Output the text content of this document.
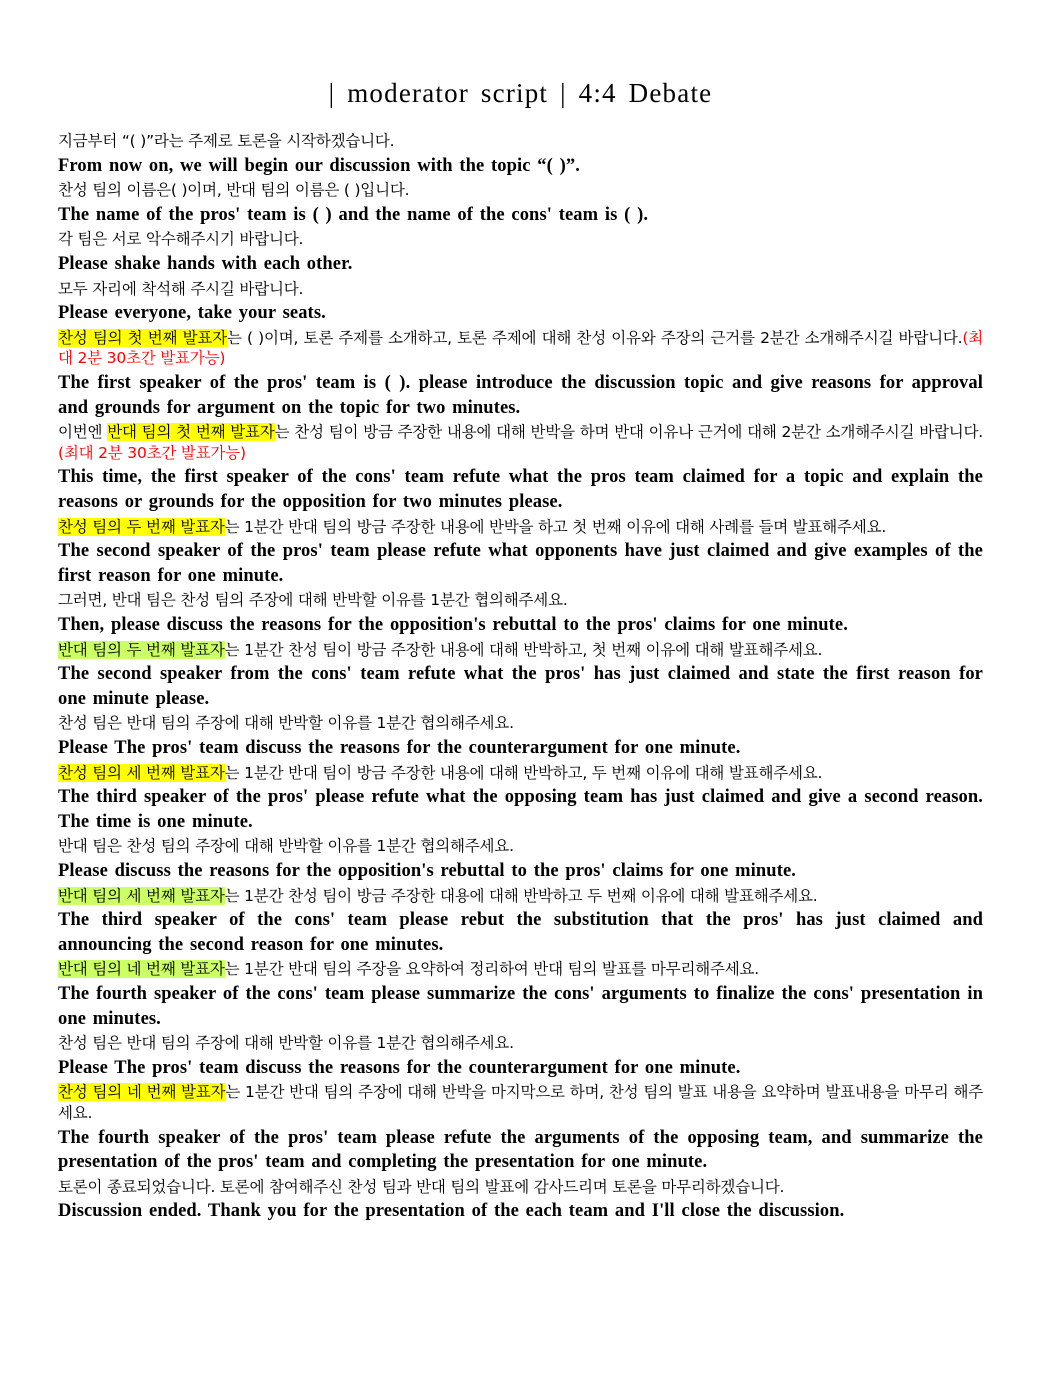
| moderator script | 4:4 Debate

지금부터 “( )”라는 주제로 토론을 시작하겠습니다.

From now on, we will begin our discussion with the topic “( )”.

찬성 팀의 이름은( )이며, 반대 팀의 이름은 ( )입니다.

The name of the pros' team is ( ) and the name of the cons' team is ( ).

각 팀은 서로 악수해주시기 바랍니다.

Please shake hands with each other.

모두 자리에 착석해 주시길 바랍니다.

Please everyone, take your seats.

찬성 팀의 첫 번째 발표자는 ( )이며, 토론 주제를 소개하고, 토론 주제에 대해 찬성 이유와 주장의 근거를 2분간 소개해주시길 바랍니다.(최대 2분 30초간 발표가능)

The first speaker of the pros' team is ( ). please introduce the discussion topic and give reasons for approval and grounds for argument on the topic for two minutes.

이번엔 반대 팀의 첫 번째 발표자는 찬성 팀이 방금 주장한 내용에 대해 반박을 하며 반대 이유나 근거에 대해 2분간 소개해주시길 바랍니다.(최대 2분 30초간 발표가능)

This time, the first speaker of the cons' team refute what the pros team claimed for a topic and explain the reasons or grounds for the opposition for two minutes please.

찬성 팀의 두 번째 발표자는 1분간 반대 팀의 방금 주장한 내용에 반박을 하고 첫 번째 이유에 대해 사례를 들며 발표해주세요.

The second speaker of the pros' team please refute what opponents have just claimed and give examples of the first reason for one minute.

그러면, 반대 팀은 찬성 팀의 주장에 대해 반박할 이유를 1분간 협의해주세요.

Then, please discuss the reasons for the opposition's rebuttal to the pros' claims for one minute.

반대 팀의 두 번째 발표자는 1분간 찬성 팀이 방금 주장한 내용에 대해 반박하고, 첫 번째 이유에 대해 발표해주세요.

The second speaker from the cons' team refute what the pros' has just claimed and state the first reason for one minute please.

찬성 팀은 반대 팀의 주장에 대해 반박할 이유를 1분간 협의해주세요.

Please The pros' team discuss the reasons for the counterargument for one minute.

찬성 팀의 세 번째 발표자는 1분간 반대 팀이 방금 주장한 내용에 대해 반박하고, 두 번째 이유에 대해 발표해주세요.

The third speaker of the pros' please refute what the opposing team has just claimed and give a second reason. The time is one minute.

반대 팀은 찬성 팀의 주장에 대해 반박할 이유를 1분간 협의해주세요.

Please discuss the reasons for the opposition's rebuttal to the pros' claims for one minute.

반대 팀의 세 번째 발표자는 1분간 찬성 팀이 방금 주장한 대용에 대해 반박하고 두 번째 이유에 대해 발표해주세요.

The third speaker of the cons' team please rebut the substitution that the pros' has just claimed and announcing the second reason for one minutes.

반대 팀의 네 번째 발표자는 1분간 반대 팀의 주장을 요약하여 정리하여 반대 팀의 발표를 마무리해주세요.

The fourth speaker of the cons' team please summarize the cons' arguments to finalize the cons' presentation in one minutes.

찬성 팀은 반대 팀의 주장에 대해 반박할 이유를 1분간 협의해주세요.

Please The pros' team discuss the reasons for the counterargument for one minute.

찬성 팀의 네 번째 발표자는 1분간 반대 팀의 주장에 대해 반박을 마지막으로 하며, 찬성 팀의 발표 내용을 요약하며 발표내용을 마무리 해주세요.

The fourth speaker of the pros' team please refute the arguments of the opposing team, and summarize the presentation of the pros' team and completing the presentation for one minute.

토론이 종료되었습니다. 토론에 참여해주신 찬성 팀과 반대 팀의 발표에 감사드리며 토론을 마무리하겠습니다.

Discussion ended. Thank you for the presentation of the each team and I'll close the discussion.
